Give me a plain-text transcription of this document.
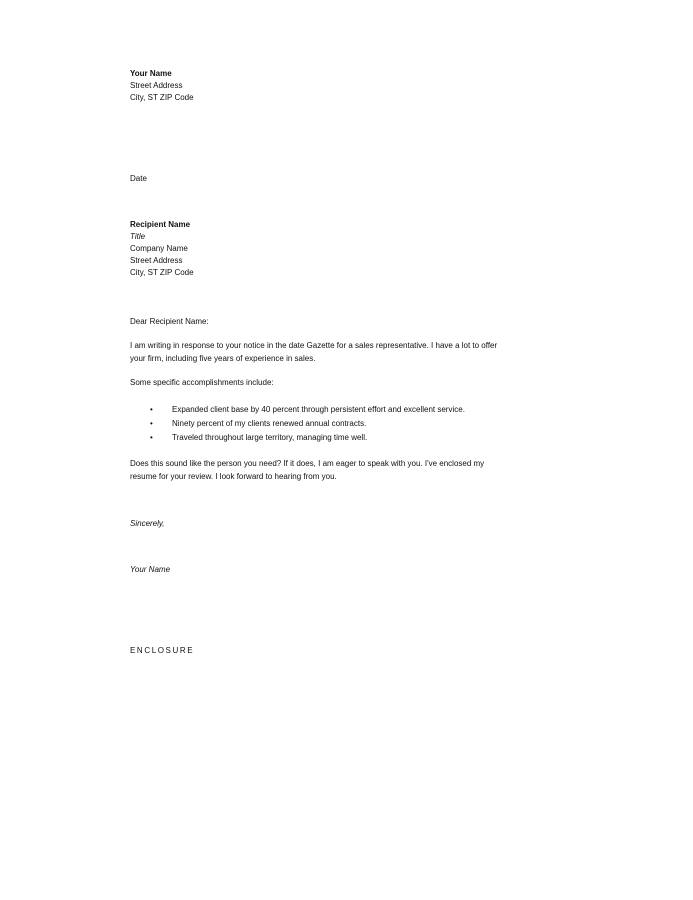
Your Name
Street Address
City, ST ZIP Code
Date
Recipient Name
Title
Company Name
Street Address
City, ST ZIP Code
Dear Recipient Name:
I am writing in response to your notice in the date Gazette for a sales representative. I have a lot to offer
your firm, including five years of experience in sales.
Some specific accomplishments include:
• Expanded client base by 40 percent through persistent effort and excellent service.
• Ninety percent of my clients renewed annual contracts.
• Traveled throughout large territory, managing time well.
Does this sound like the person you need? If it does, I am eager to speak with you. I've enclosed my
resume for your review. I look forward to hearing from you.
Sincerely,
Your Name
ENCLOSURE
